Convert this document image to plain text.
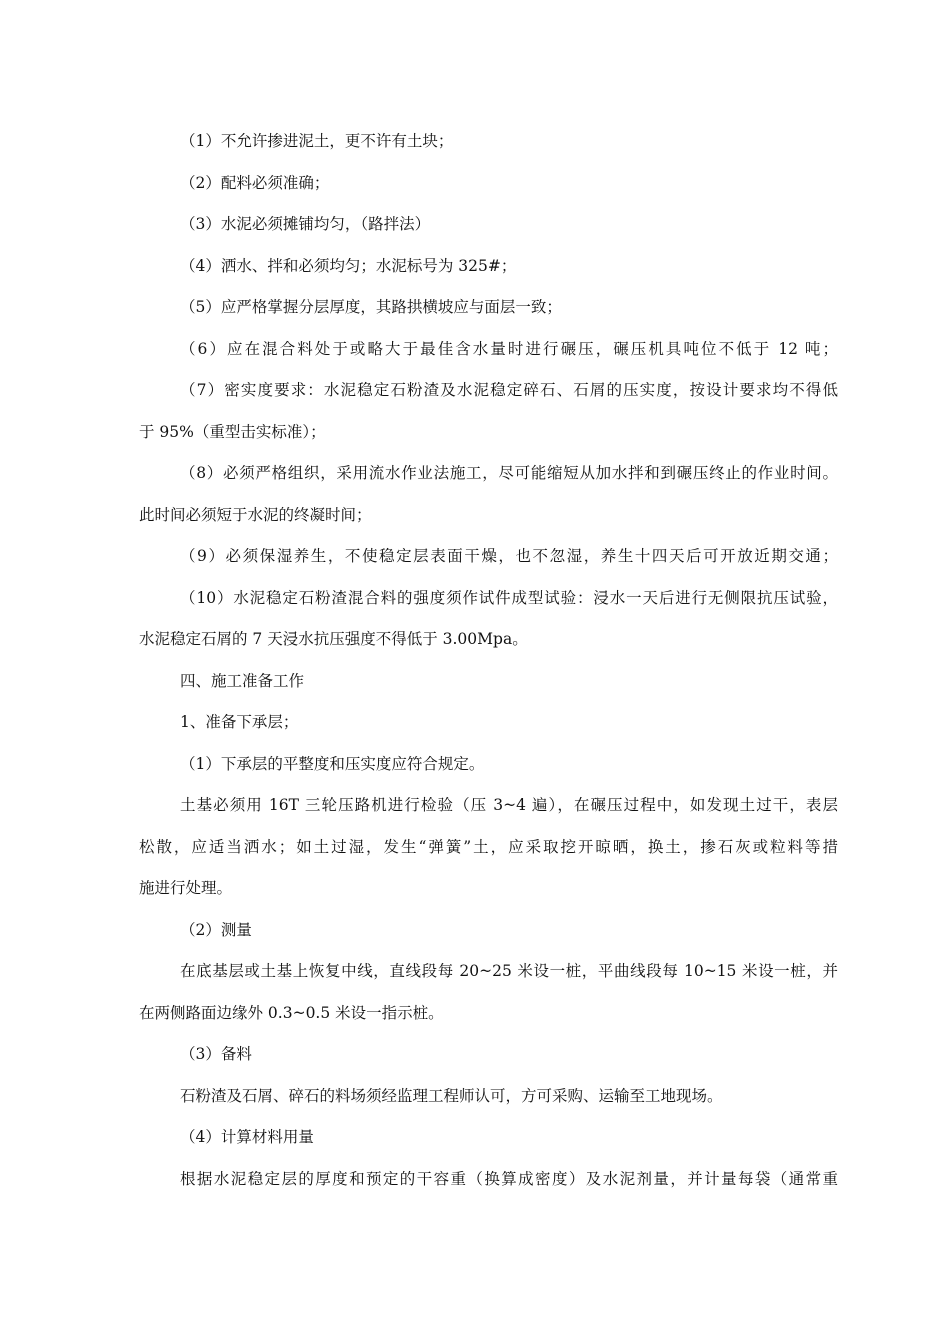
（1）不允许掺进泥土，更不许有土块；
（2）配料必须准确；
（3）水泥必须摊铺均匀，（路拌法）
（4）洒水、拌和必须均匀；水泥标号为 325#；
（5）应严格掌握分层厚度，其路拱横坡应与面层一致；
（6）应在混合料处于或略大于最佳含水量时进行碾压，碾压机具吨位不低于 12 吨；
（7）密实度要求：水泥稳定石粉渣及水泥稳定碎石、石屑的压实度，按设计要求均不得低
于 95%（重型击实标准）；
（8）必须严格组织，采用流水作业法施工，尽可能缩短从加水拌和到碾压终止的作业时间。
此时间必须短于水泥的终凝时间；
（9）必须保湿养生，不使稳定层表面干燥，也不忽湿，养生十四天后可开放近期交通；
（10）水泥稳定石粉渣混合料的强度须作试件成型试验：浸水一天后进行无侧限抗压试验，
水泥稳定石屑的 7 天浸水抗压强度不得低于 3.00Mpa。
四、施工准备工作
1、准备下承层；
（1）下承层的平整度和压实度应符合规定。
土基必须用 16T 三轮压路机进行检验（压 3~4 遍），在碾压过程中，如发现土过干，表层
松散，应适当洒水；如土过湿，发生“弹簧”土，应采取挖开晾晒，换土，掺石灰或粒料等措
施进行处理。
（2）测量
在底基层或土基上恢复中线，直线段每 20~25 米设一桩，平曲线段每 10~15 米设一桩，并
在两侧路面边缘外 0.3~0.5 米设一指示桩。
（3）备料
石粉渣及石屑、碎石的料场须经监理工程师认可，方可采购、运输至工地现场。
（4）计算材料用量
根据水泥稳定层的厚度和预定的干容重（换算成密度）及水泥剂量，并计量每袋（通常重
